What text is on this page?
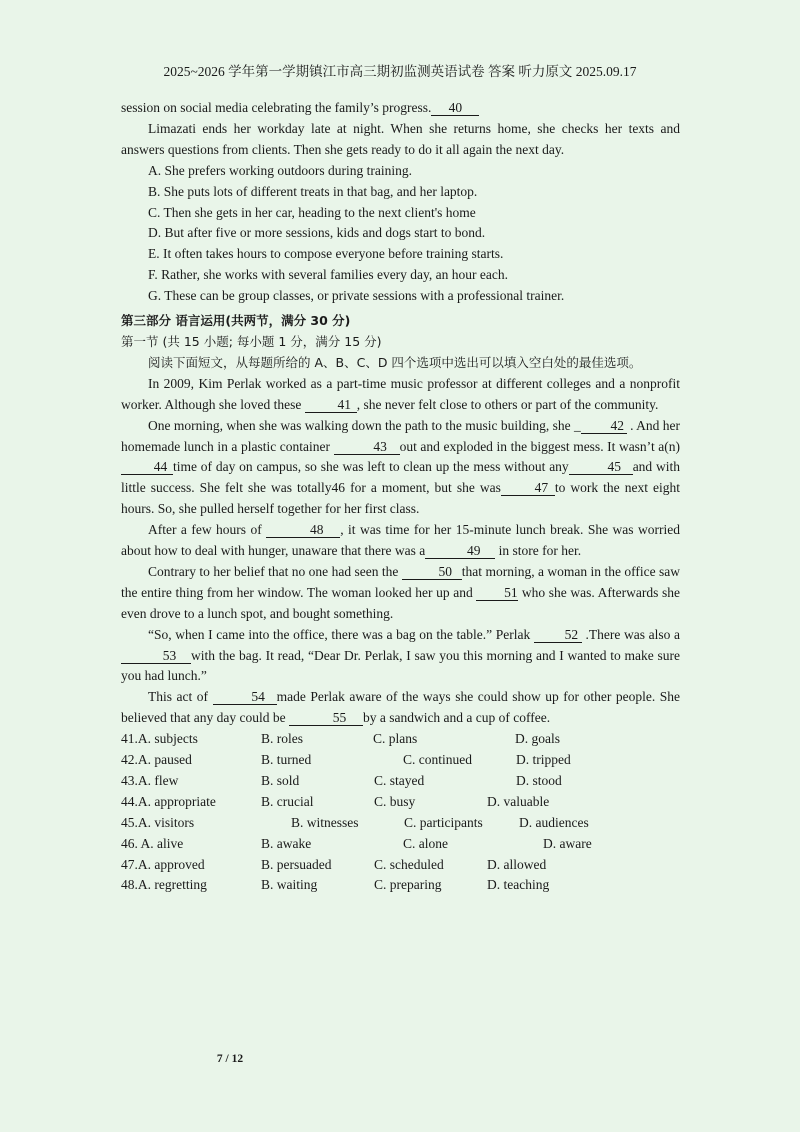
2025~2026 学年第一学期镇江市高三期初监测英语试卷 答案 听力原文 2025.09.17

session on social media celebrating the family’s progress. 40

Limazati ends her workday late at night. When she returns home, she checks her texts and answers questions from clients. Then she gets ready to do it all again the next day.

A. She prefers working outdoors during training.

B. She puts lots of different treats in that bag, and her laptop.

C. Then she gets in her car, heading to the next client's home

D. But after five or more sessions, kids and dogs start to bond.

E. It often takes hours to compose everyone before training starts.

F. Rather, she works with several families every day, an hour each.

G. These can be group classes, or private sessions with a professional trainer.

第三部分 语言运用(共两节，满分 30 分)

第一节 (共 15 小题; 每小题 1 分，满分 15 分)

阅读下面短文，从每题所给的 A、B、C、D 四个选项中选出可以填入空白处的最佳选项。

In 2009, Kim Perlak worked as a part-time music professor at different colleges and a nonprofit worker. Although she loved these 41 , she never felt close to others or part of the community.

One morning, when she was walking down the path to the music building, she _ 42 . And her homemade lunch in a plastic container	43 out and exploded in the biggest mess. It wasn’t a(n)44 time of day on campus, so she was left to clean up the mess without any	45 and with little success. She felt she was totally46 for a moment, but she was	47 to work the next eight hours. So, she pulled herself together for her first class.

After a few hours of	48 , it was time for her 15-minute lunch break. She was worried about how to deal with hunger, unaware that there was a	49 in store for her.

Contrary to her belief that no one had seen the	50 that morning, a woman in the office saw the entire thing from her window. The woman looked her up and 51 who she was. Afterwards she even drove to a lunch spot, and bought something.

“So, when I came into the office, there was a bag on the table.” Perlak 52 .There was also a 53 with the bag. It read, “Dear Dr. Perlak, I saw you this morning and I wanted to make sure you had lunch.”

This act of	54 made Perlak aware of the ways she could show up for other people. She believed that any day could be	55 by a sandwich and a cup of coffee.

41.A. subjects	B. roles	C. plans	D. goals
42.A. paused	B. turned	C. continued	D. tripped
43.A. flew	B. sold	C. stayed	D. stood
44.A. appropriate	B. crucial	C. busy	D. valuable
45.A. visitors	B. witnesses	C. participants	D. audiences
46. A. alive	B. awake	C. alone	D. aware
47.A. approved	B. persuaded	C. scheduled	D. allowed
48.A. regretting	B. waiting	C. preparing	D. teaching
7 / 12
